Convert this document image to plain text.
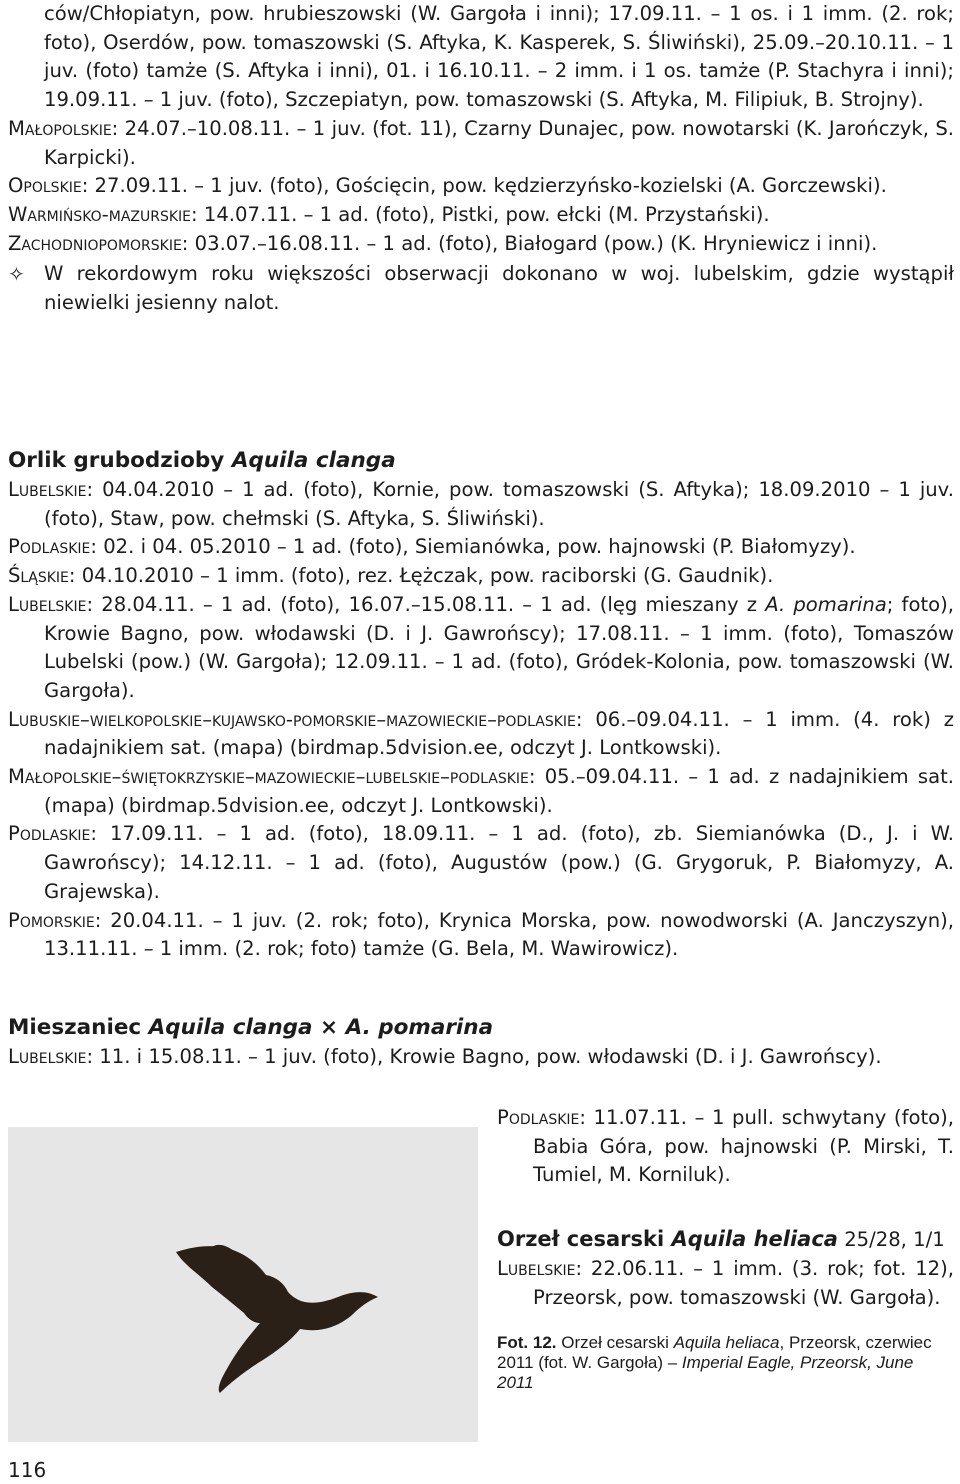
ców/Chłopiatyn, pow. hrubieszowski (W. Gargoła i inni); 17.09.11. – 1 os. i 1 imm. (2. rok; foto), Oserdów, pow. tomaszowski (S. Aftyka, K. Kasperek, S. Śliwiński), 25.09.–20.10.11. – 1 juv. (foto) tamże (S. Aftyka i inni), 01. i 16.10.11. – 2 imm. i 1 os. tamże (P. Stachyra i inni); 19.09.11. – 1 juv. (foto), Szczepiatyn, pow. tomaszowski (S. Aftyka, M. Filipiuk, B. Strojny).

Małopolskie: 24.07.–10.08.11. – 1 juv. (fot. 11), Czarny Dunajec, pow. nowotarski (K. Jarończyk, S. Karpicki).

Opolskie: 27.09.11. – 1 juv. (foto), Gościęcin, pow. kędzierzyńsko-kozielski (A. Gorczewski).

Warmińsko-mazurskie: 14.07.11. – 1 ad. (foto), Pistki, pow. ełcki (M. Przystański).

Zachodniopomorskie: 03.07.–16.08.11. – 1 ad. (foto), Białogard (pow.) (K. Hryniewicz i inni).

✧ W rekordowym roku większości obserwacji dokonano w woj. lubelskim, gdzie wystąpił niewielki jesienny nalot.
Orlik grubodzioby Aquila clanga

Lubelskie: 04.04.2010 – 1 ad. (foto), Kornie, pow. tomaszowski (S. Aftyka); 18.09.2010 – 1 juv. (foto), Staw, pow. chełmski (S. Aftyka, S. Śliwiński).

Podlaskie: 02. i 04. 05.2010 – 1 ad. (foto), Siemianówka, pow. hajnowski (P. Białomyzy).

Śląskie: 04.10.2010 – 1 imm. (foto), rez. Łężczak, pow. raciborski (G. Gaudnik).

Lubelskie: 28.04.11. – 1 ad. (foto), 16.07.–15.08.11. – 1 ad. (lęg mieszany z A. pomarina; foto), Krowie Bagno, pow. włodawski (D. i J. Gawrońscy); 17.08.11. – 1 imm. (foto), Tomaszów Lubelski (pow.) (W. Gargoła); 12.09.11. – 1 ad. (foto), Gródek-Kolonia, pow. tomaszowski (W. Gargoła).

Lubuskie–wielkopolskie–kujawsko-pomorskie–mazowieckie–podlaskie: 06.–09.04.11. – 1 imm. (4. rok) z nadajnikiem sat. (mapa) (birdmap.5dvision.ee, odczyt J. Lontkowski).

Małopolskie–świętokrzyskie–mazowieckie–lubelskie–podlaskie: 05.–09.04.11. – 1 ad. z nadajnikiem sat. (mapa) (birdmap.5dvision.ee, odczyt J. Lontkowski).

Podlaskie: 17.09.11. – 1 ad. (foto), 18.09.11. – 1 ad. (foto), zb. Siemianówka (D., J. i W. Gawrońscy); 14.12.11. – 1 ad. (foto), Augustów (pow.) (G. Grygoruk, P. Białomyzy, A. Grajewska).

Pomorskie: 20.04.11. – 1 juv. (2. rok; foto), Krynica Morska, pow. nowodworski (A. Janczyszyn), 13.11.11. – 1 imm. (2. rok; foto) tamże (G. Bela, M. Wawirowicz).

Mieszaniec Aquila clanga × A. pomarina

Lubelskie: 11. i 15.08.11. – 1 juv. (foto), Krowie Bagno, pow. włodawski (D. i J. Gawrońscy).

Podlaskie: 11.07.11. – 1 pull. schwytany (foto), Babia Góra, pow. hajnowski (P. Mirski, T. Tumiel, M. Korniluk).

Orzeł cesarski Aquila heliaca 25/28, 1/1

Lubelskie: 22.06.11. – 1 imm. (3. rok; fot. 12), Przeorsk, pow. tomaszowski (W. Gargoła).

Fot. 12. Orzeł cesarski Aquila heliaca, Przeorsk, czerwiec 2011 (fot. W. Gargoła) – Imperial Eagle, Przeorsk, June 2011

116
